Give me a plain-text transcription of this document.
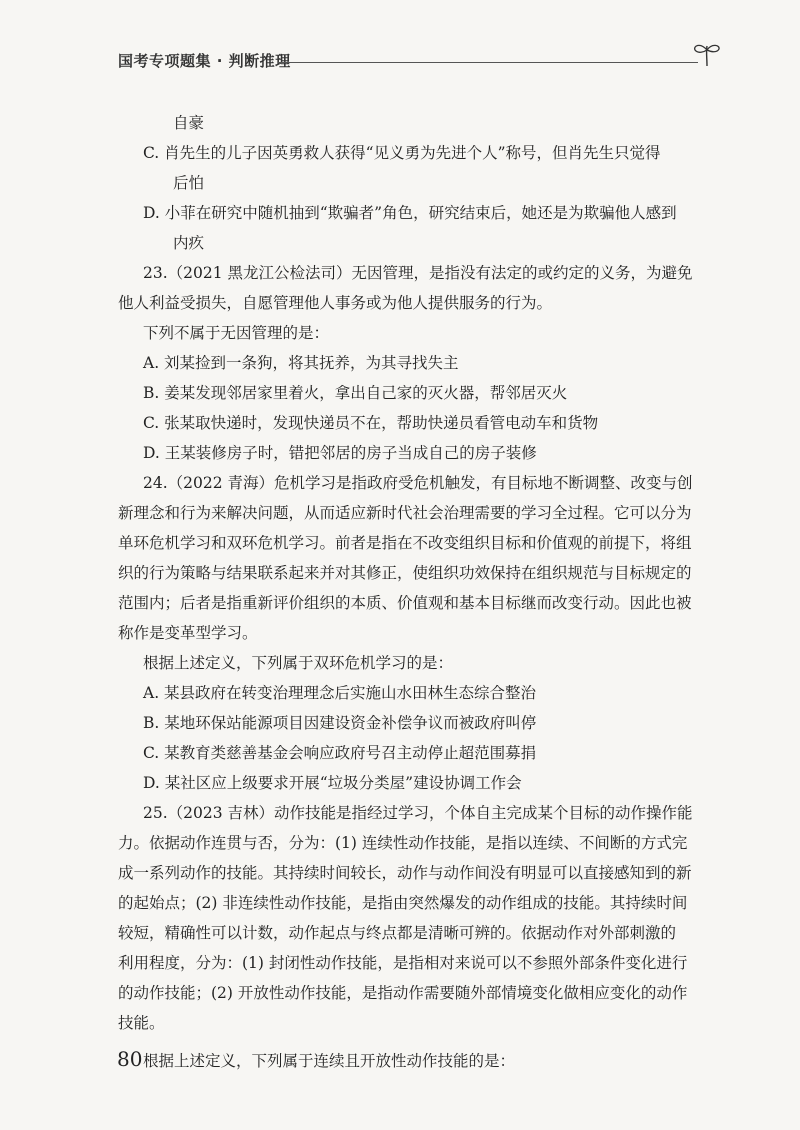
国考专项题集 · 判断推理
自豪
C. 肖先生的儿子因英勇救人获得“见义勇为先进个人”称号，但肖先生只觉得
后怕
D. 小菲在研究中随机抽到“欺骗者”角色，研究结束后，她还是为欺骗他人感到
内疚
23.（2021 黑龙江公检法司）无因管理，是指没有法定的或约定的义务，为避免
他人利益受损失，自愿管理他人事务或为他人提供服务的行为。
下列不属于无因管理的是：
A. 刘某捡到一条狗，将其抚养，为其寻找失主
B. 姜某发现邻居家里着火，拿出自己家的灭火器，帮邻居灭火
C. 张某取快递时，发现快递员不在，帮助快递员看管电动车和货物
D. 王某装修房子时，错把邻居的房子当成自己的房子装修
24.（2022 青海）危机学习是指政府受危机触发，有目标地不断调整、改变与创
新理念和行为来解决问题，从而适应新时代社会治理需要的学习全过程。它可以分为
单环危机学习和双环危机学习。前者是指在不改变组织目标和价值观的前提下，将组
织的行为策略与结果联系起来并对其修正，使组织功效保持在组织规范与目标规定的
范围内；后者是指重新评价组织的本质、价值观和基本目标继而改变行动。因此也被
称作是变革型学习。
根据上述定义，下列属于双环危机学习的是：
A. 某县政府在转变治理理念后实施山水田林生态综合整治
B. 某地环保站能源项目因建设资金补偿争议而被政府叫停
C. 某教育类慈善基金会响应政府号召主动停止超范围募捐
D. 某社区应上级要求开展“垃圾分类屋”建设协调工作会
25.（2023 吉林）动作技能是指经过学习，个体自主完成某个目标的动作操作能
力。依据动作连贯与否，分为：(1) 连续性动作技能，是指以连续、不间断的方式完
成一系列动作的技能。其持续时间较长，动作与动作间没有明显可以直接感知到的新
的起始点；(2) 非连续性动作技能，是指由突然爆发的动作组成的技能。其持续时间
较短，精确性可以计数，动作起点与终点都是清晰可辨的。依据动作对外部刺激的
利用程度，分为：(1) 封闭性动作技能，是指相对来说可以不参照外部条件变化进行
的动作技能；(2) 开放性动作技能，是指动作需要随外部情境变化做相应变化的动作
技能。
根据上述定义，下列属于连续且开放性动作技能的是：
80
